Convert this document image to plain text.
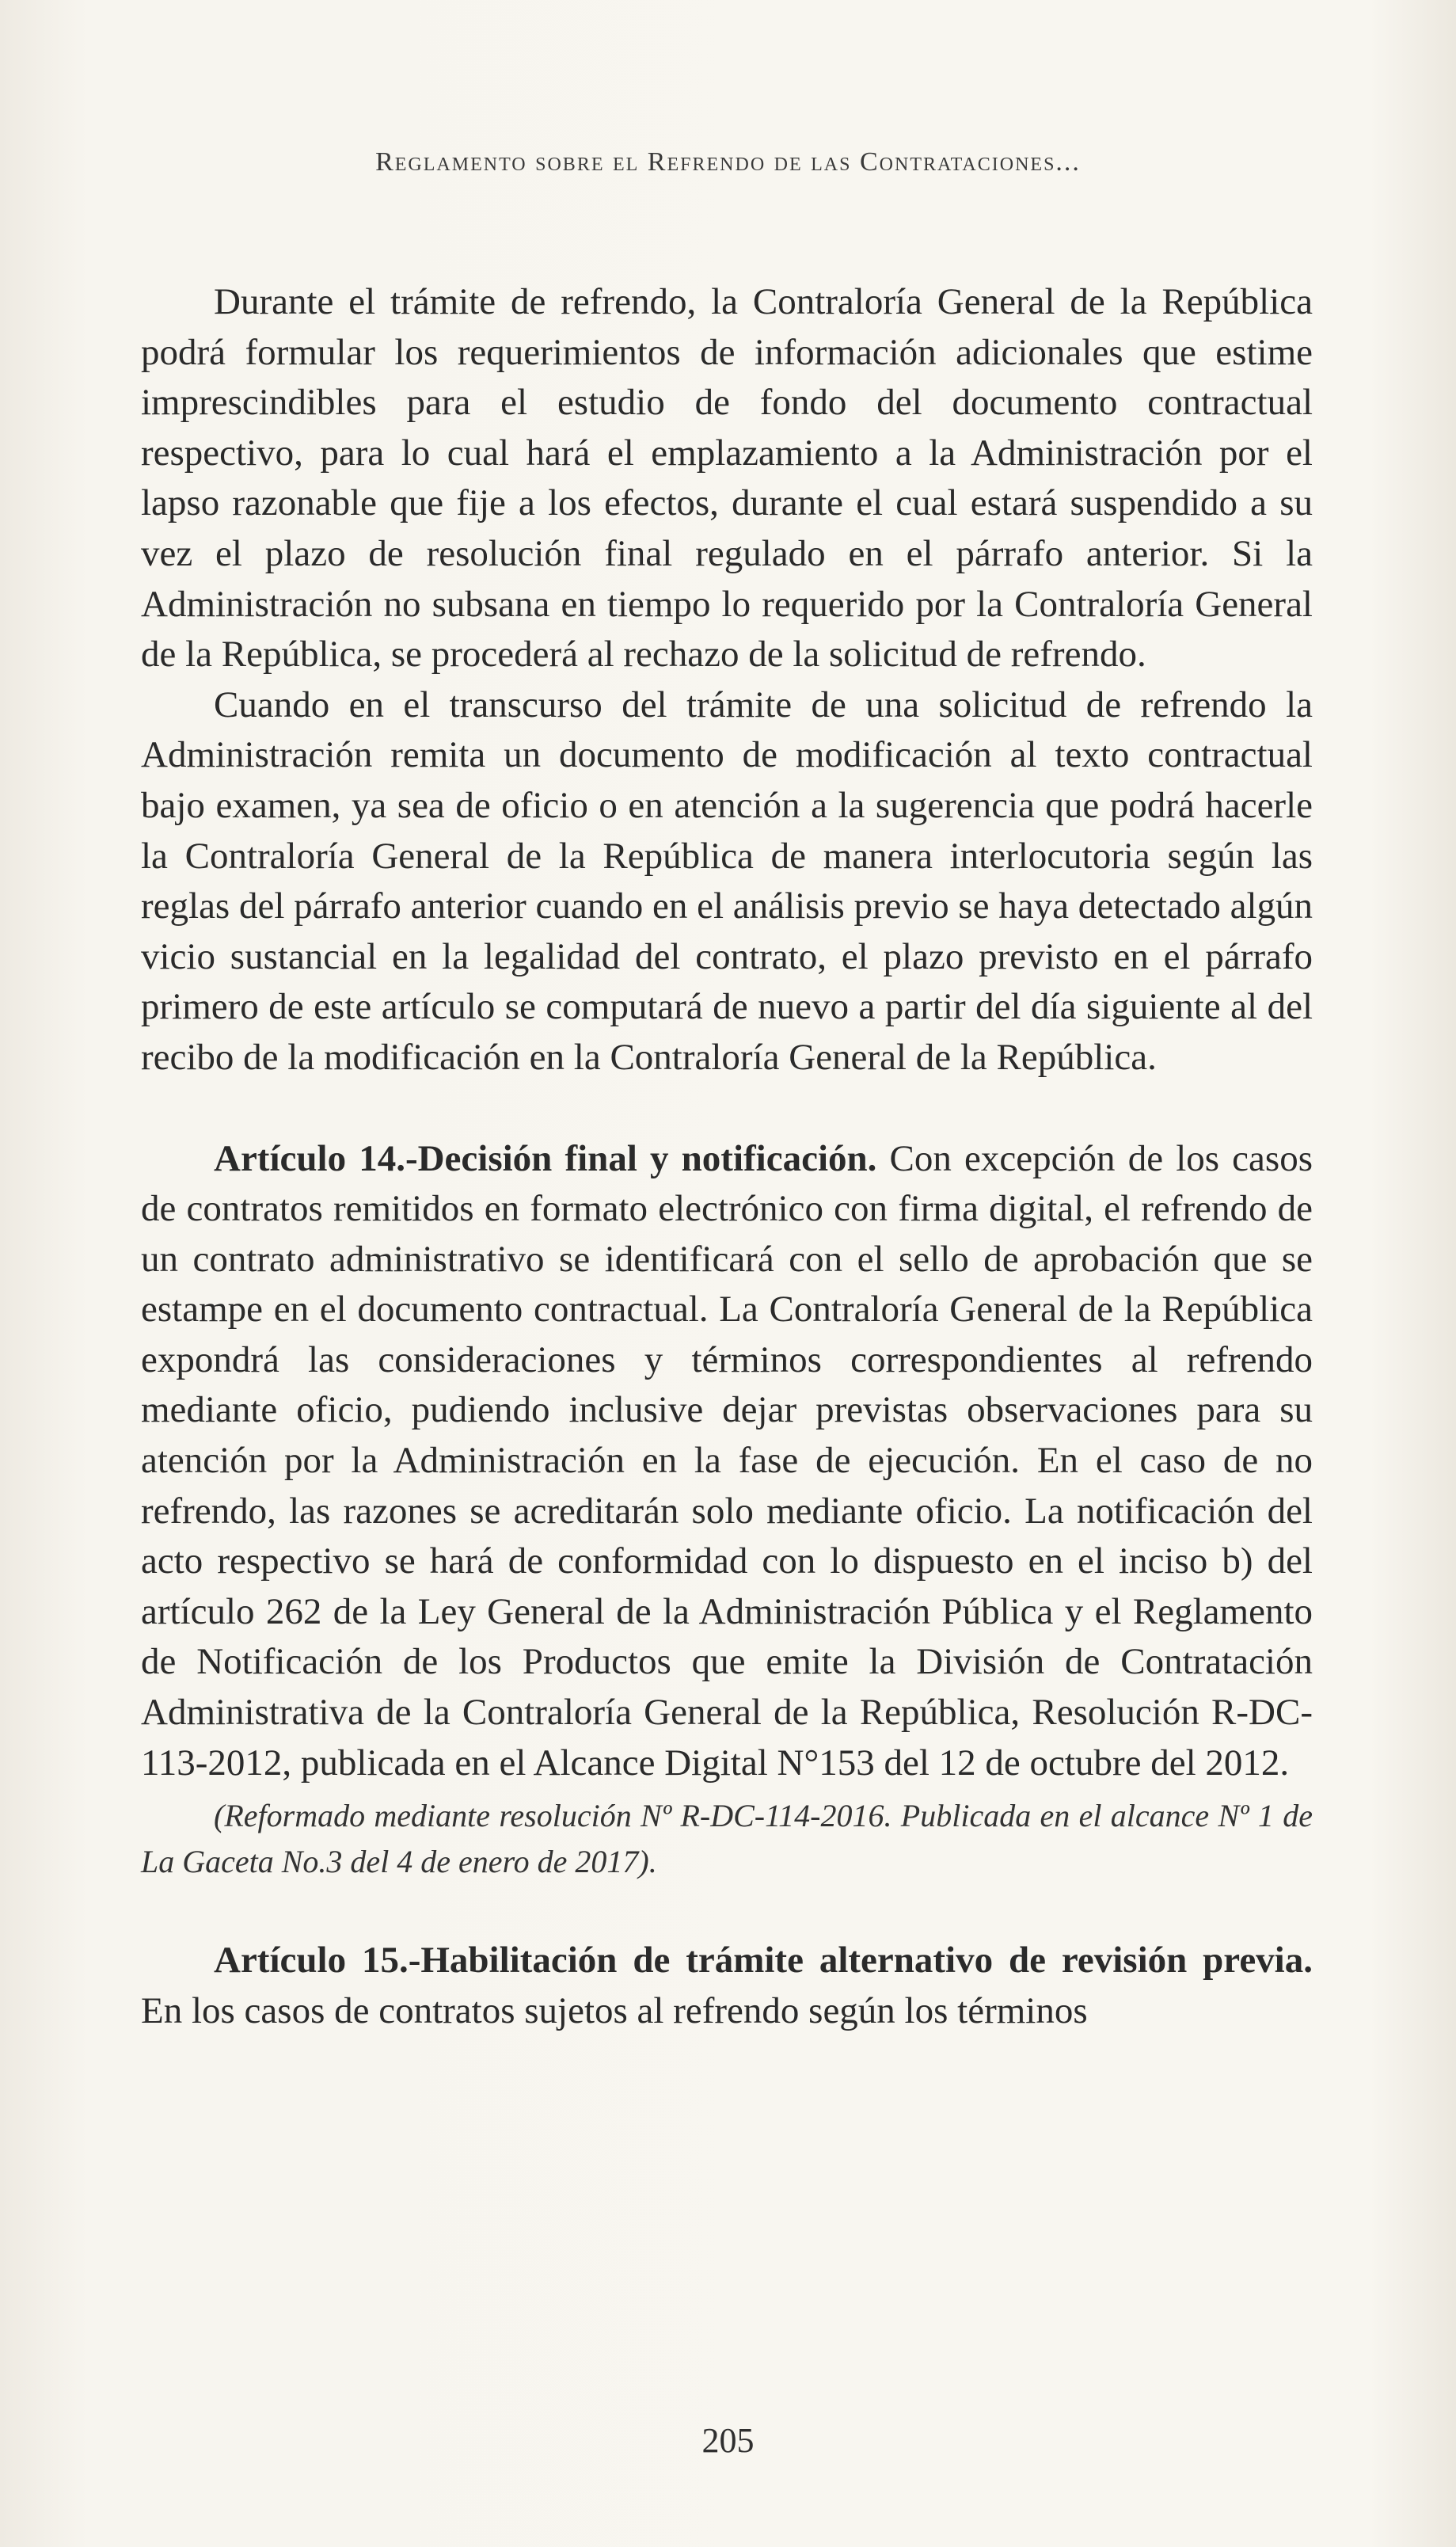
Reglamento sobre el Refrendo de las Contrataciones...

Durante el trámite de refrendo, la Contraloría General de la República podrá formular los requerimientos de información adicionales que estime imprescindibles para el estudio de fondo del documento contractual respectivo, para lo cual hará el emplazamiento a la Administración por el lapso razonable que fije a los efectos, durante el cual estará suspendido a su vez el plazo de resolución final regulado en el párrafo anterior. Si la Administración no subsana en tiempo lo requerido por la Contraloría General de la República, se procederá al rechazo de la solicitud de refrendo.

Cuando en el transcurso del trámite de una solicitud de refrendo la Administración remita un documento de modificación al texto contractual bajo examen, ya sea de oficio o en atención a la sugerencia que podrá hacerle la Contraloría General de la República de manera interlocutoria según las reglas del párrafo anterior cuando en el análisis previo se haya detectado algún vicio sustancial en la legalidad del contrato, el plazo previsto en el párrafo primero de este artículo se computará de nuevo a partir del día siguiente al del recibo de la modificación en la Contraloría General de la República.

Artículo 14.-Decisión final y notificación. Con excepción de los casos de contratos remitidos en formato electrónico con firma digital, el refrendo de un contrato administrativo se identificará con el sello de aprobación que se estampe en el documento contractual. La Contraloría General de la República expondrá las consideraciones y términos correspondientes al refrendo mediante oficio, pudiendo inclusive dejar previstas observaciones para su atención por la Administración en la fase de ejecución. En el caso de no refrendo, las razones se acreditarán solo mediante oficio. La notificación del acto respectivo se hará de conformidad con lo dispuesto en el inciso b) del artículo 262 de la Ley General de la Administración Pública y el Reglamento de Notificación de los Productos que emite la División de Contratación Administrativa de la Contraloría General de la República, Resolución R-DC-113-2012, publicada en el Alcance Digital N°153 del 12 de octubre del 2012.

(Reformado mediante resolución Nº R-DC-114-2016. Publicada en el alcance Nº 1 de La Gaceta No.3 del 4 de enero de 2017).

Artículo 15.-Habilitación de trámite alternativo de revisión previa. En los casos de contratos sujetos al refrendo según los términos

205
